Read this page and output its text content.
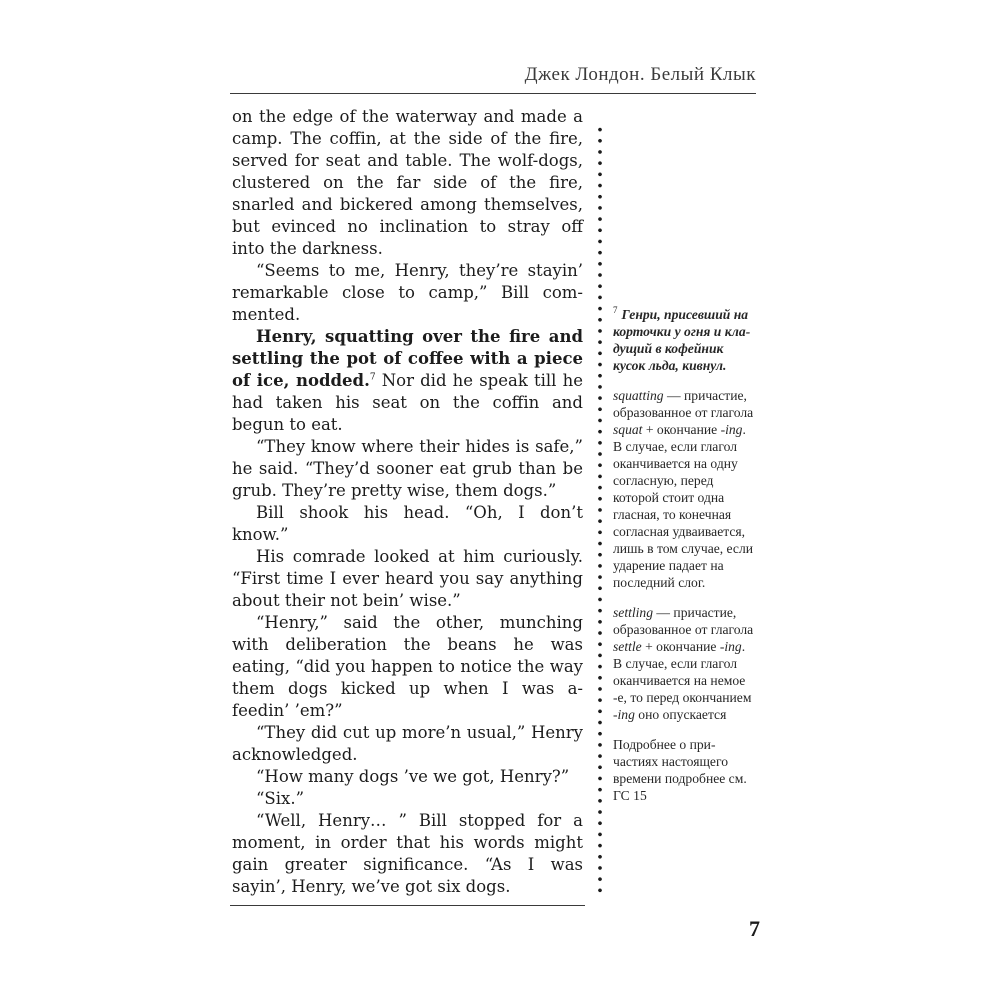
Джек Лондон. Белый Клык

on the edge of the waterway and made a camp. The coffin, at the side of the fire, served for seat and table. The wolf-dogs, clustered on the far side of the fire, snarled and bickered among themselves, but evinced no inclination to stray off into the darkness.

“Seems to me, Henry, they’re stayin’ remarkable close to camp,” Bill commented.

Henry, squatting over the fire and settling the pot of coffee with a piece of ice, nodded.$^7$ Nor did he speak till he had taken his seat on the coffin and begun to eat.

“They know where their hides is safe,” he said. “They’d sooner eat grub than be grub. They’re pretty wise, them dogs.”

Bill shook his head. “Oh, I don’t know.”

His comrade looked at him curiously. “First time I ever heard you say anything about their not bein’ wise.”

“Henry,” said the other, munching with deliberation the beans he was eating, “did you happen to notice the way them dogs kicked up when I was a-feedin’ ’em?”

“They did cut up more’n usual,” Henry acknowledged.

“How many dogs ’ve we got, Henry?”

“Six.”

“Well, Henry… ” Bill stopped for a moment, in order that his words might gain greater significance. “As I was sayin’, Henry, we’ve got six dogs.

$^7$ Генри, присевший на корточки у огня и кладущий в кофейник кусок льда, кивнул.

squatting — причастие, образованное от глагола squat + окончание -ing. В случае, если глагол оканчивается на одну согласную, перед которой стоит одна гласная, то конечная согласная удваивается, лишь в том случае, если ударение падает на последний слог.

settling — причастие, образованное от глагола settle + окончание -ing. В случае, если глагол оканчивается на немое -е, то перед окончанием -ing оно опускается

Подробнее о причастиях настоящего времени подробнее см. ГС 15

7
